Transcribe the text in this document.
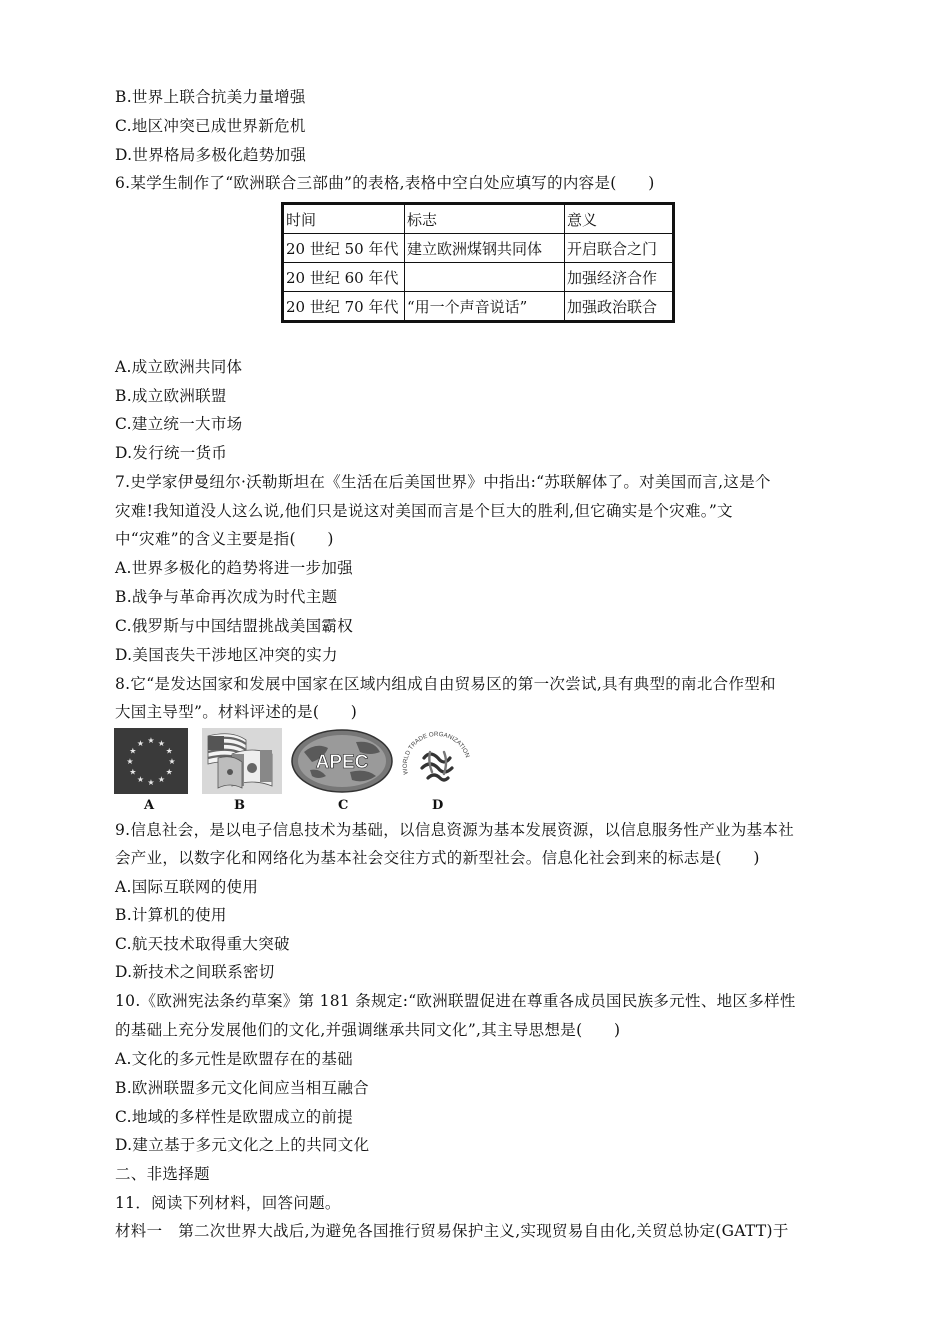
B.世界上联合抗美力量增强
C.地区冲突已成世界新危机
D.世界格局多极化趋势加强
6.某学生制作了“欧洲联合三部曲”的表格,表格中空白处应填写的内容是(　　)
时间	标志	意义
20 世纪 50 年代	建立欧洲煤钢共同体	开启联合之门
20 世纪 60 年代		加强经济合作
20 世纪 70 年代	“用一个声音说话”	加强政治联合
A.成立欧洲共同体
B.成立欧洲联盟
C.建立统一大市场
D.发行统一货币
7.史学家伊曼纽尔·沃勒斯坦在《生活在后美国世界》中指出:“苏联解体了。对美国而言,这是个
灾难!我知道没人这么说,他们只是说这对美国而言是个巨大的胜利,但它确实是个灾难。”文
中“灾难”的含义主要是指(　　)
A.世界多极化的趋势将进一步加强
B.战争与革命再次成为时代主题
C.俄罗斯与中国结盟挑战美国霸权
D.美国丧失干涉地区冲突的实力
8.它“是发达国家和发展中国家在区域内组成自由贸易区的第一次尝试,具有典型的南北合作型和
大国主导型”。材料评述的是(　　)
★ ★
★
★
★
★
★
★
★
★
★
★
A	B
APEC
C
WORLD TRADE ORGANIZATION
D
9.信息社会，是以电子信息技术为基础，以信息资源为基本发展资源，以信息服务性产业为基本社
会产业，以数字化和网络化为基本社会交往方式的新型社会。信息化社会到来的标志是(　　)
A.国际互联网的使用
B.计算机的使用
C.航天技术取得重大突破
D.新技术之间联系密切
10.《欧洲宪法条约草案》第 181 条规定:“欧洲联盟促进在尊重各成员国民族多元性、地区多样性
的基础上充分发展他们的文化,并强调继承共同文化”,其主导思想是(　　)
A.文化的多元性是欧盟存在的基础
B.欧洲联盟多元文化间应当相互融合
C.地域的多样性是欧盟成立的前提
D.建立基于多元文化之上的共同文化
二、非选择题
11．阅读下列材料，回答问题。
材料一　第二次世界大战后,为避免各国推行贸易保护主义,实现贸易自由化,关贸总协定(GATT)于
